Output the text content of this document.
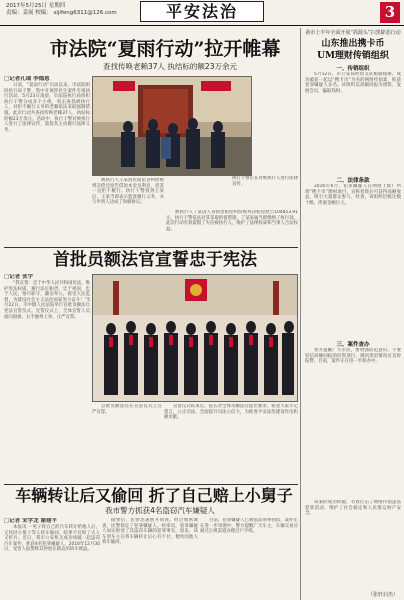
2017年5月25日 星期四
责编：姜展 校编： sijifeng6311@126.com	平安法治	3
市法院“夏雨行动”拉开帷幕
查找传唤老赖37人 执结标的额23万余元
□记者孔瑞 李德恩

日前，“夏雨行动”启动以来，市法院组织执行局干警，集中开展涉民生案件专项执行活动。5月23日凌晨，市法院执行局组织执行干警分成多个小组，突击查找被执行人，对拒不履行义务的老赖依法采取强制措施。此次行动共查找传唤老赖37人，执结标的额23万余元。活动中，执行干警对被执行人进行了法律宣传，敦促其主动履行法律义务。

执行干警正在对被执行人进行法律宣传。

被执行人王某因民间借贷纠纷被判决偿还原告借款本金及利息，但其一直拒不履行。执行干警找到王某后，王某当即表示愿意履行义务，并与申请人达成了和解协议。

被执行人丁某因人身损害赔偿纠纷被判决赔偿原告104853.91元。执行干警依法对其采取拘留措施，丁某家属当即缴纳了执行款。此次行动有效震慑了失信被执行人，维护了法律权威和当事人合法权益。

首批员额法官宣誓忠于宪法
□记者 张宇

“我宣誓：忠于中华人民共和国宪法，维护宪法权威，履行法定职责，忠于祖国，忠于人民，恪尽职守，廉洁奉公，接受人民监督，为建设社会主义法治国家努力奋斗！”5月22日，市中级人民法院举行首批员额法官宪法宣誓仪式。宣誓仪式上，全体宣誓人员面向国旗，右手握拳上举，庄严宣誓。

首批员额法官在宣誓仪式上庄严宣誓。

宣誓仪式结束后，院长对全体员额法官提出要求，希望大家牢记誓言，公正司法，全面提升司法公信力，为推进平安法治建设作出积极贡献。

车辆转让后又偷回 折了自己赔上小舅子
我市警方抓获4名盗窃汽车嫌疑人
□记者 宋学龙 谢建平

本报讯 一男子将自己的汽车转让给他人后，又伙同小舅子等人将车偷回，结果不仅赔了夫人又折兵。近日，我市公安机关成功侦破一起盗窃汽车案件，抓获4名犯罪嫌疑人。2016年12月30日，受害人报警称其停放在路边的轿车被盗。

接警后，民警迅速展开侦查。经过缜密调查，民警锁定了犯罪嫌疑人。经审讯，犯罪嫌疑人如实供述了其盗窃车辆的犯罪事实。原来，该车原车主在将车辆转让后心有不甘，便伙同他人将车偷回。

目前，犯罪嫌疑人已被依法刑事拘留，案件正在进一步审理中。警方提醒广大车主，车辆交易应通过正规渠道办理过户手续。

我市上半年全面开展“抓源头”扫黑除恶行动
山东推出携卡币
UM理财传销组织
一、传销组织

5月12日，市公安局经侦支队根据线索，成功破获一起以“携卡币”为名的网络传销案，抓获犯罪嫌疑人多名。该组织以高额回报为诱饵，发展会员，骗取钱财。

二、法律条款

2016年6月，犯罪嫌疑人在网络上推广所谓“携卡币”理财项目，宣称投资后可获得高额收益，吸引大量群众参与。经查，该组织层级达数十级，涉案金额巨大。

三、案件查办

警方提醒广大市民，要增强防范意识，不要轻信高额回报的投资项目，遇到类似情况应及时报警。目前，案件正在进一步侦办中。

该案的成功侦破，有效打击了网络传销违法犯罪活动，维护了社会稳定和人民群众财产安全。

（张轩启杰）
